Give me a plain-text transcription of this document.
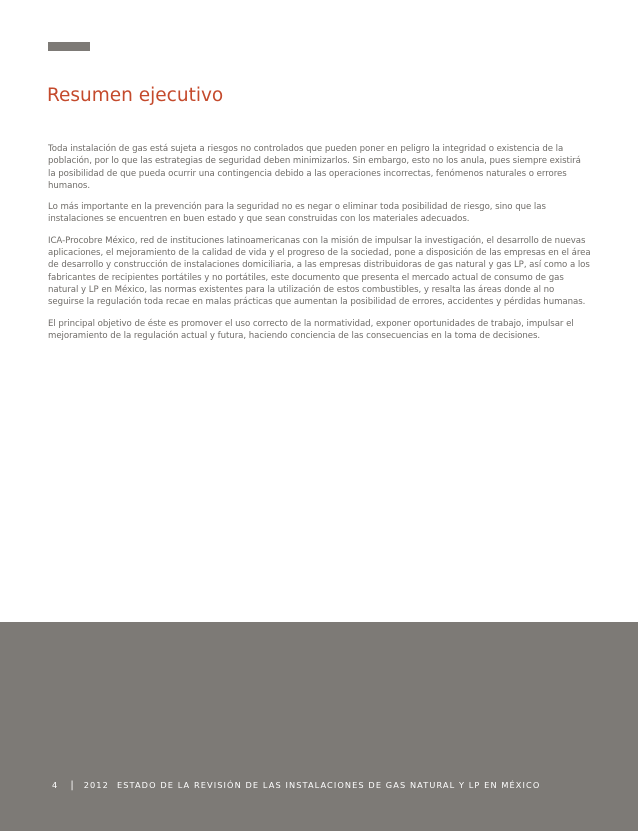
Resumen ejecutivo

Toda instalación de gas está sujeta a riesgos no controlados que pueden poner en peligro la integridad o existencia de la población, por lo que las estrategias de seguridad deben minimizarlos. Sin embargo, esto no los anula, pues siempre existirá la posibilidad de que pueda ocurrir una contingencia debido a las operaciones incorrectas, fenómenos naturales o errores humanos.

Lo más importante en la prevención para la seguridad no es negar o eliminar toda posibilidad de riesgo, sino que las instalaciones se encuentren en buen estado y que sean construidas con los materiales adecuados.

ICA-Procobre México, red de instituciones latinoamericanas con la misión de impulsar la investigación, el desarrollo de nuevas aplicaciones, el mejoramiento de la calidad de vida y el progreso de la sociedad, pone a disposición de las empresas en el área de desarrollo y construcción de instalaciones domiciliaria, a las empresas distribuidoras de gas natural y gas LP, así como a los fabricantes de recipientes portátiles y no portátiles, este documento que presenta el mercado actual de consumo de gas natural y LP en México, las normas existentes para la utilización de estos combustibles, y resalta las áreas donde al no seguirse la regulación toda recae en malas prácticas que aumentan la posibilidad de errores, accidentes y pérdidas humanas.

El principal objetivo de éste es promover el uso correcto de la normatividad, exponer oportunidades de trabajo, impulsar el mejoramiento de la regulación actual y futura, haciendo conciencia de las consecuencias en la toma de decisiones.

4 | 2012 ESTADO DE LA REVISIÓN DE LAS INSTALACIONES DE GAS NATURAL Y LP EN MÉXICO
